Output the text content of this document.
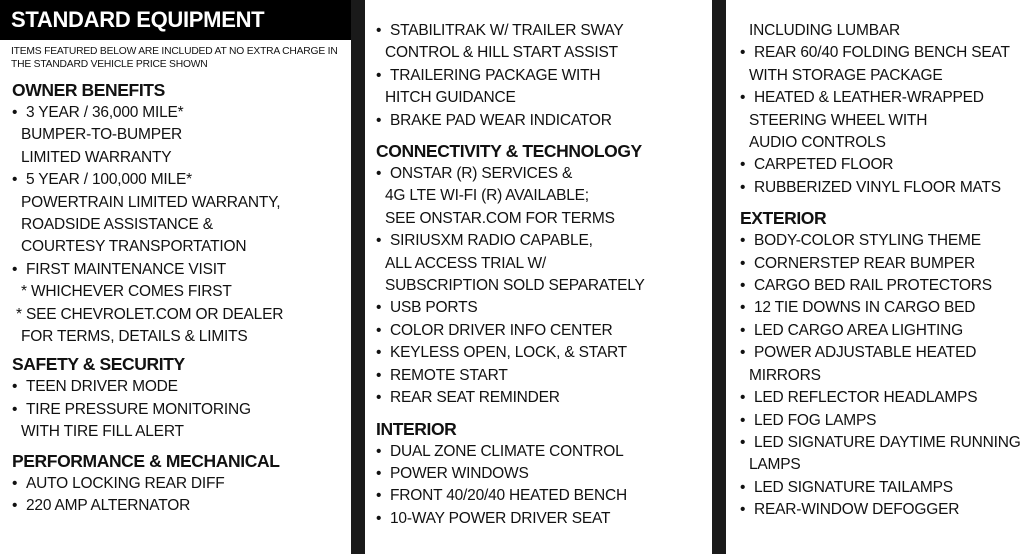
STANDARD EQUIPMENT
ITEMS FEATURED BELOW ARE INCLUDED AT NO EXTRA CHARGE IN
THE STANDARD VEHICLE PRICE SHOWN
OWNER BENEFITS
• 3 YEAR / 36,000 MILE*
BUMPER-TO-BUMPER
LIMITED WARRANTY
• 5 YEAR / 100,000 MILE*
POWERTRAIN LIMITED WARRANTY,
ROADSIDE ASSISTANCE &
COURTESY TRANSPORTATION
• FIRST MAINTENANCE VISIT
* WHICHEVER COMES FIRST
* SEE CHEVROLET.COM OR DEALER
FOR TERMS, DETAILS & LIMITS
SAFETY & SECURITY
• TEEN DRIVER MODE
• TIRE PRESSURE MONITORING
WITH TIRE FILL ALERT
PERFORMANCE & MECHANICAL
• AUTO LOCKING REAR DIFF
• 220 AMP ALTERNATOR
• STABILITRAK W/ TRAILER SWAY
CONTROL & HILL START ASSIST
• TRAILERING PACKAGE WITH
HITCH GUIDANCE
• BRAKE PAD WEAR INDICATOR
CONNECTIVITY & TECHNOLOGY
• ONSTAR (R) SERVICES &
4G LTE WI-FI (R) AVAILABLE;
SEE ONSTAR.COM FOR TERMS
• SIRIUSXM RADIO CAPABLE,
ALL ACCESS TRIAL W/
SUBSCRIPTION SOLD SEPARATELY
• USB PORTS
• COLOR DRIVER INFO CENTER
• KEYLESS OPEN, LOCK, & START
• REMOTE START
• REAR SEAT REMINDER
INTERIOR
• DUAL ZONE CLIMATE CONTROL
• POWER WINDOWS
• FRONT 40/20/40 HEATED BENCH
• 10-WAY POWER DRIVER SEAT
INCLUDING LUMBAR
• REAR 60/40 FOLDING BENCH SEAT
WITH STORAGE PACKAGE
• HEATED & LEATHER-WRAPPED
STEERING WHEEL WITH
AUDIO CONTROLS
• CARPETED FLOOR
• RUBBERIZED VINYL FLOOR MATS
EXTERIOR
• BODY-COLOR STYLING THEME
• CORNERSTEP REAR BUMPER
• CARGO BED RAIL PROTECTORS
• 12 TIE DOWNS IN CARGO BED
• LED CARGO AREA LIGHTING
• POWER ADJUSTABLE HEATED
MIRRORS
• LED REFLECTOR HEADLAMPS
• LED FOG LAMPS
• LED SIGNATURE DAYTIME RUNNING
LAMPS
• LED SIGNATURE TAILAMPS
• REAR-WINDOW DEFOGGER
